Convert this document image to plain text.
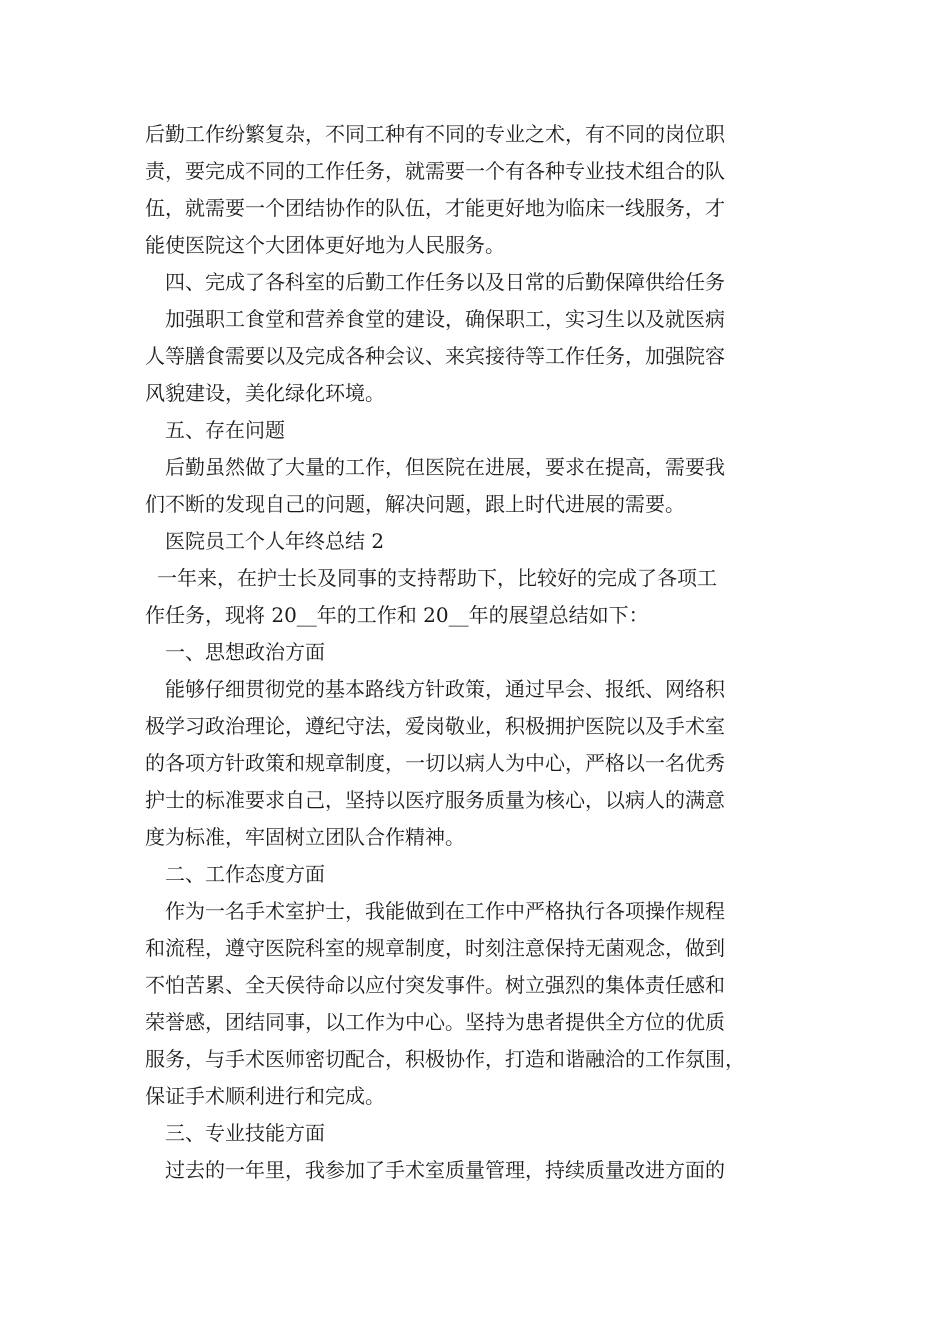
后勤工作纷繁复杂，不同工种有不同的专业之术，有不同的岗位职
责，要完成不同的工作任务，就需要一个有各种专业技术组合的队
伍，就需要一个团结协作的队伍，才能更好地为临床一线服务，才
能使医院这个大团体更好地为人民服务。
四、完成了各科室的后勤工作任务以及日常的后勤保障供给任务
加强职工食堂和营养食堂的建设，确保职工，实习生以及就医病
人等膳食需要以及完成各种会议、来宾接待等工作任务，加强院容
风貌建设，美化绿化环境。
五、存在问题
后勤虽然做了大量的工作，但医院在进展，要求在提高，需要我
们不断的发现自己的问题，解决问题，跟上时代进展的需要。
医院员工个人年终总结 2
一年来，在护士长及同事的支持帮助下，比较好的完成了各项工
作任务，现将 20__年的工作和 20__年的展望总结如下：
一、思想政治方面
能够仔细贯彻党的基本路线方针政策，通过早会、报纸、网络积
极学习政治理论，遵纪守法，爱岗敬业，积极拥护医院以及手术室
的各项方针政策和规章制度，一切以病人为中心，严格以一名优秀
护士的标准要求自己，坚持以医疗服务质量为核心，以病人的满意
度为标准，牢固树立团队合作精神。
二、工作态度方面
作为一名手术室护士，我能做到在工作中严格执行各项操作规程
和流程，遵守医院科室的规章制度，时刻注意保持无菌观念，做到
不怕苦累、全天侯待命以应付突发事件。树立强烈的集体责任感和
荣誉感，团结同事，以工作为中心。坚持为患者提供全方位的优质
服务，与手术医师密切配合，积极协作，打造和谐融洽的工作氛围，
保证手术顺利进行和完成。
三、专业技能方面
过去的一年里，我参加了手术室质量管理，持续质量改进方面的
